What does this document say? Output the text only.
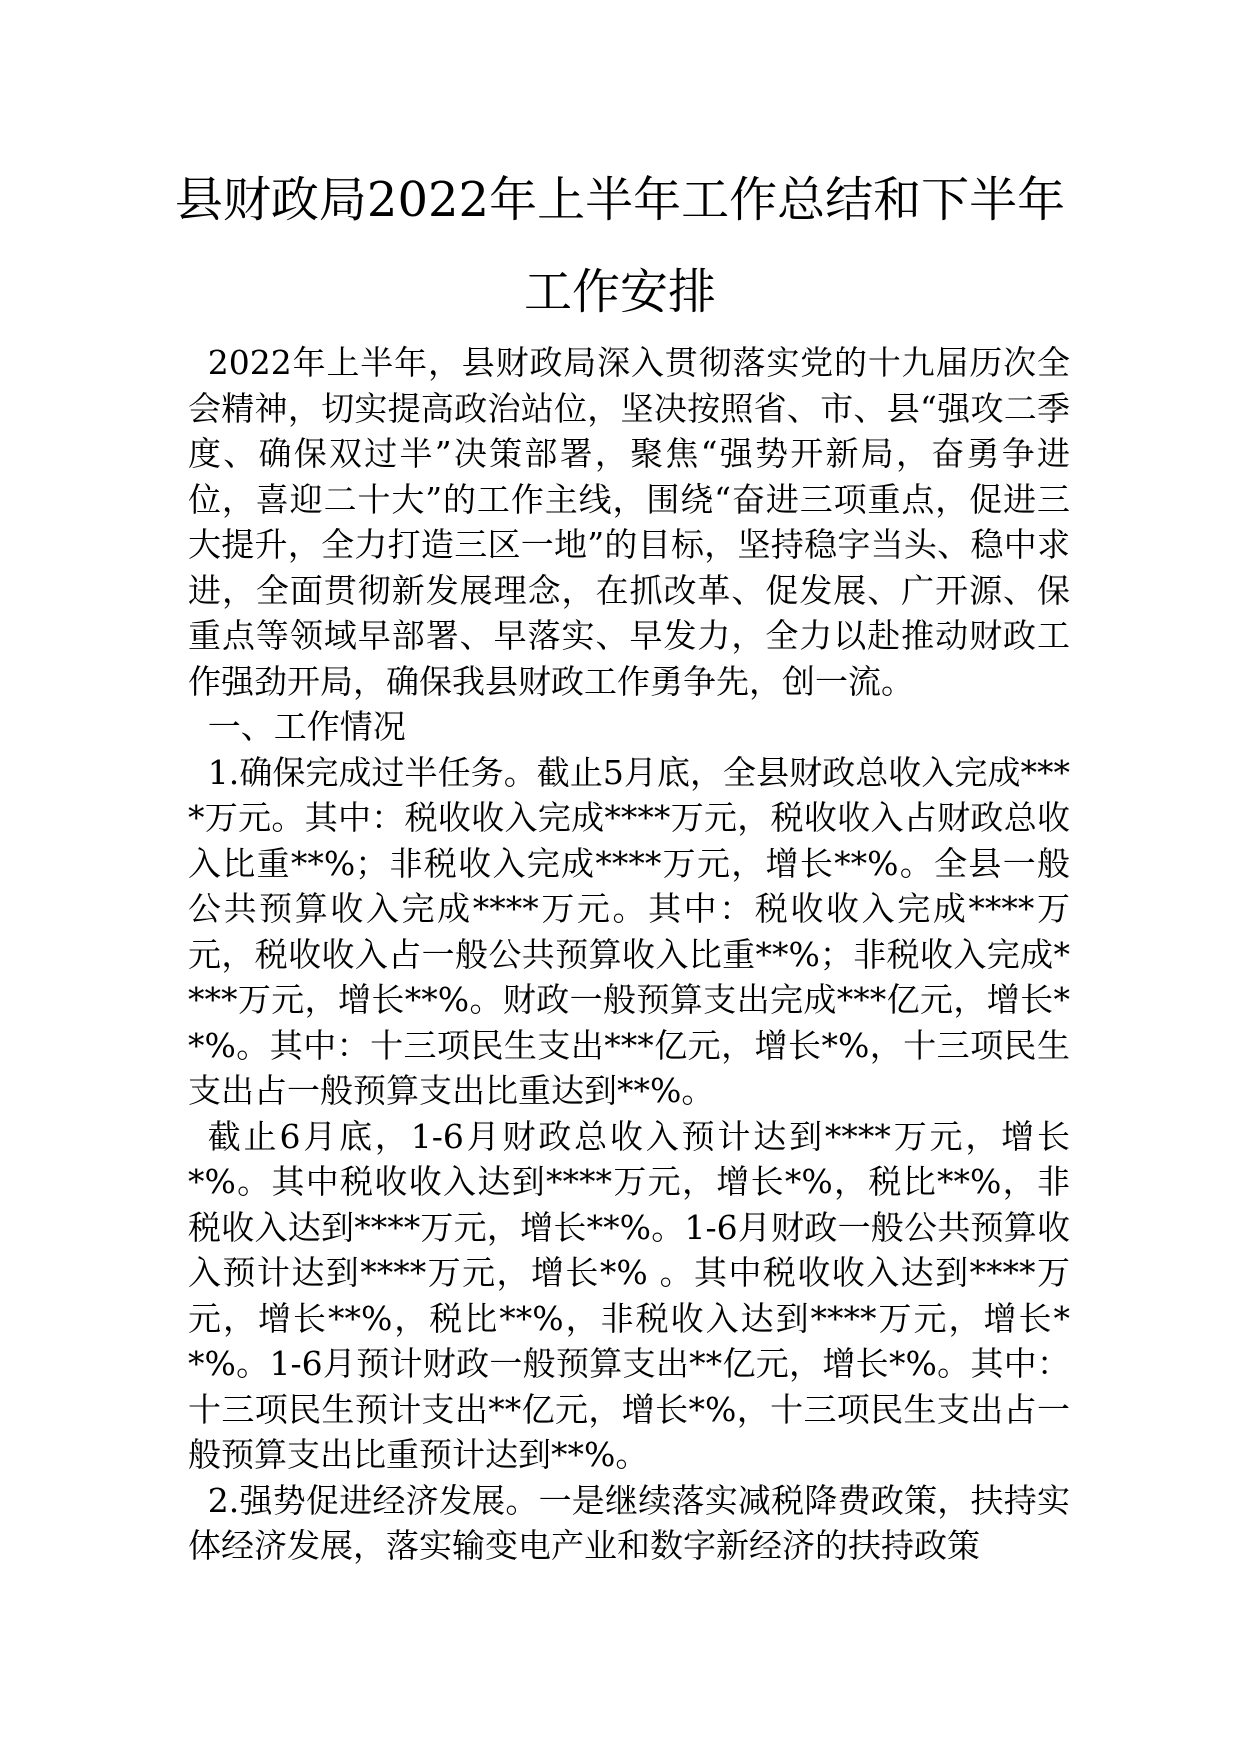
县财政局2022年上半年工作总结和下半年
工作安排

2022年上半年，县财政局深入贯彻落实党的十九届历次全会精神，切实提高政治站位，坚决按照省、市、县“强攻二季度、确保双过半”决策部署，聚焦“强势开新局，奋勇争进位，喜迎二十大”的工作主线，围绕“奋进三项重点，促进三大提升，全力打造三区一地”的目标，坚持稳字当头、稳中求进，全面贯彻新发展理念，在抓改革、促发展、广开源、保重点等领域早部署、早落实、早发力，全力以赴推动财政工作强劲开局，确保我县财政工作勇争先，创一流。

一、工作情况

1.确保完成过半任务。截止5月底，全县财政总收入完成****万元。其中：税收收入完成****万元，税收收入占财政总收入比重**%；非税收入完成****万元，增长**%。全县一般公共预算收入完成****万元。其中：税收收入完成****万元，税收收入占一般公共预算收入比重**%；非税收入完成****万元，增长**%。财政一般预算支出完成***亿元，增长**%。其中：十三项民生支出***亿元，增长*%，十三项民生支出占一般预算支出比重达到**%。

截止6月底，1-6月财政总收入预计达到****万元，增长*%。其中税收收入达到****万元，增长*%，税比**%，非税收入达到****万元，增长**%。1-6月财政一般公共预算收入预计达到****万元，增长*% 。其中税收收入达到****万元，增长**%，税比**%，非税收入达到****万元，增长**%。1-6月预计财政一般预算支出**亿元，增长*%。其中：十三项民生预计支出**亿元，增长*%，十三项民生支出占一般预算支出比重预计达到**%。

2.强势促进经济发展。一是继续落实减税降费政策，扶持实体经济发展，落实输变电产业和数字新经济的扶持政策
